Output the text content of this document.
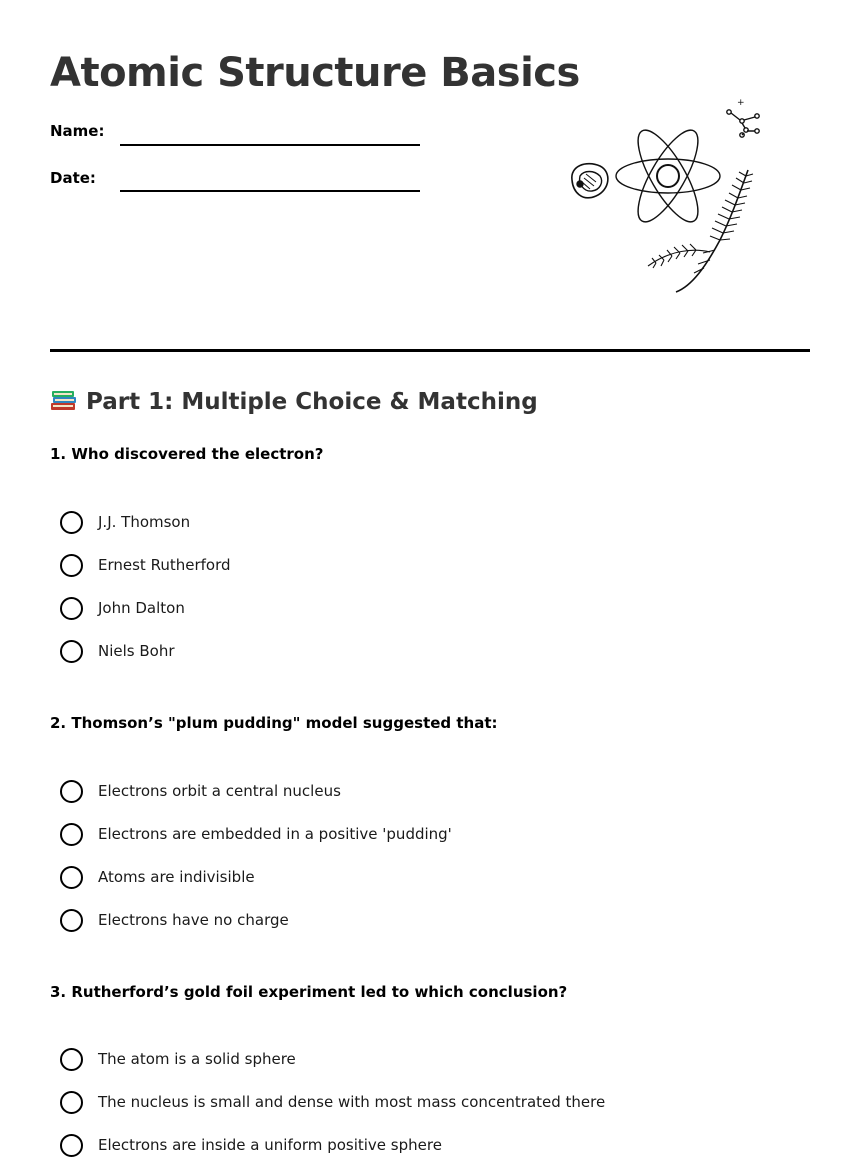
Atomic Structure Basics
Name:
Date:
+
Part 1: Multiple Choice & Matching
1. Who discovered the electron?
J.J. Thomson
Ernest Rutherford
John Dalton
Niels Bohr
2. Thomson’s "plum pudding" model suggested that:
Electrons orbit a central nucleus
Electrons are embedded in a positive 'pudding'
Atoms are indivisible
Electrons have no charge
3. Rutherford’s gold foil experiment led to which conclusion?
The atom is a solid sphere
The nucleus is small and dense with most mass concentrated there
Electrons are inside a uniform positive sphere
